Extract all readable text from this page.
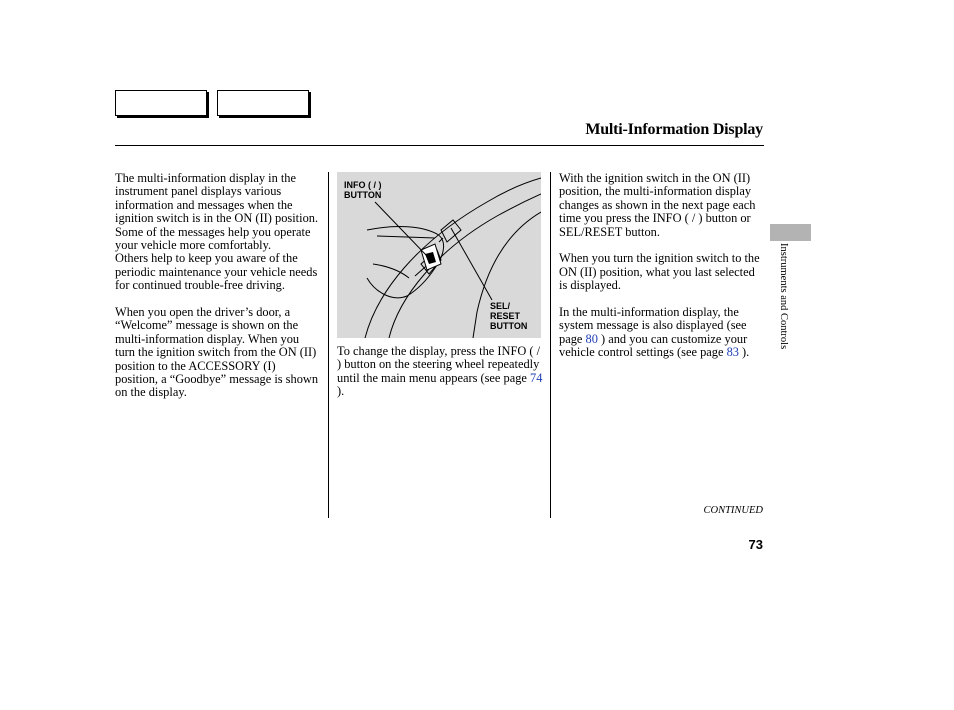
Multi-Information Display

The multi-information display in the instrument panel displays various information and messages when the ignition switch is in the ON (II) position. Some of the messages help you operate your vehicle more comfortably.

Others help to keep you aware of the periodic maintenance your vehicle needs for continued trouble-free driving.

When you open the driver’s door, a “Welcome” message is shown on the multi-information display. When you turn the ignition switch from the ON (II) position to the ACCESSORY (I) position, a “Goodbye” message is shown on the display.

INFO ( / )
BUTTON
SEL/
RESET
BUTTON

To change the display, press the INFO ( / ) button on the steering wheel repeatedly until the main menu appears (see page 74 ).

With the ignition switch in the ON (II) position, the multi-information display changes as shown in the next page each time you press the INFO ( / ) button or SEL/RESET button.

When you turn the ignition switch to the ON (II) position, what you last selected is displayed.

In the multi-information display, the system message is also displayed (see page 80 ) and you can customize your vehicle control settings (see page 83 ).

Instruments and Controls
CONTINUED
73
